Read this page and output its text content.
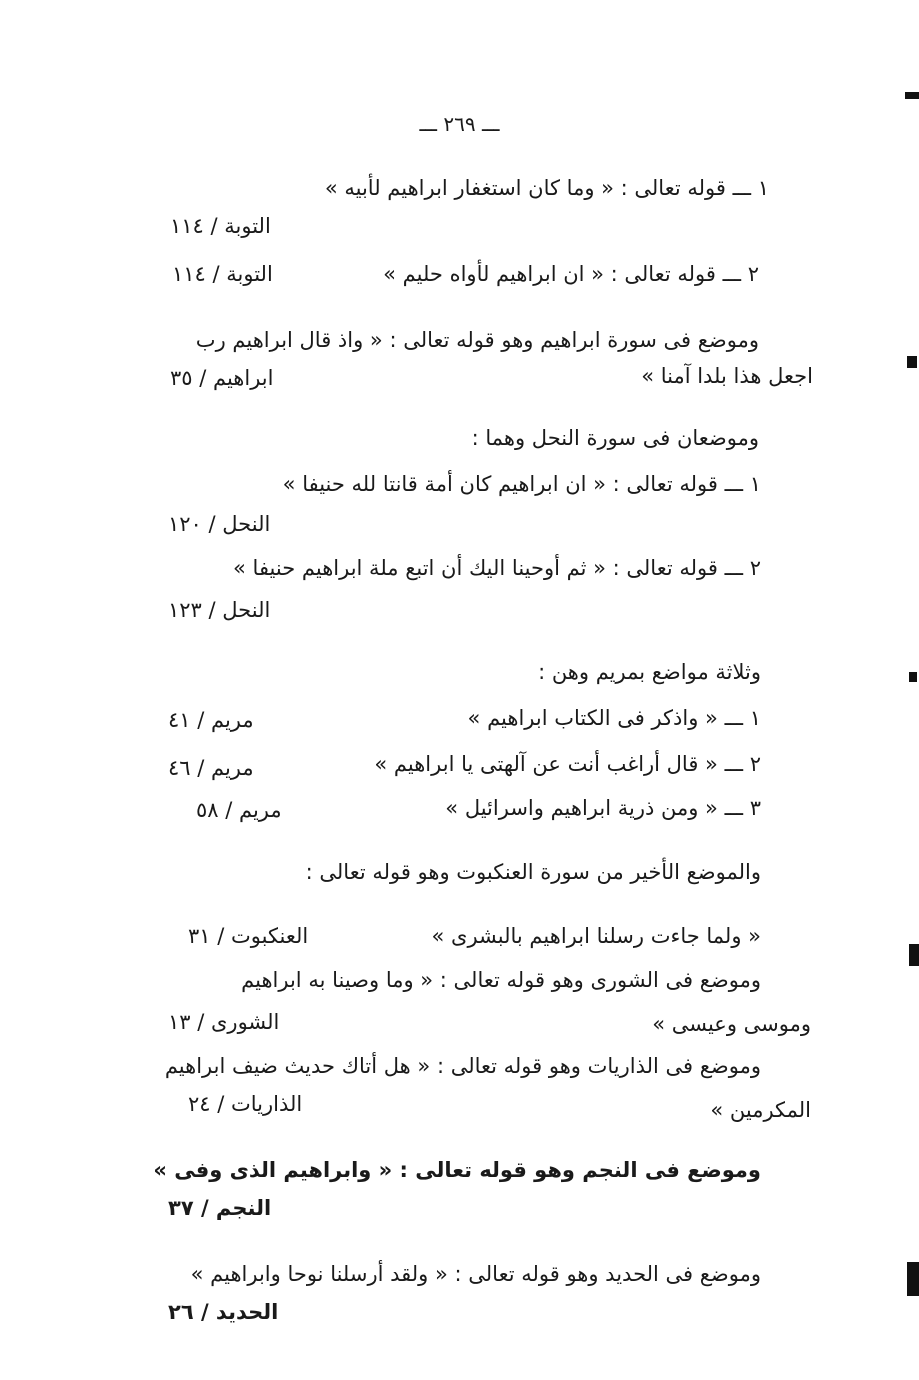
ـــ ٢٦٩ ـــ
١ ـــ قوله تعالى : « وما كان استغفار ابراهيم لأبيه »
التوبة / ١١٤
٢ ـــ قوله تعالى : « ان ابراهيم لأواه حليم »
التوبة / ١١٤
وموضع فى سورة ابراهيم وهو قوله تعالى : « واذ قال ابراهيم رب
اجعل هذا بلدا آمنا »
ابراهيم / ٣٥
وموضعان فى سورة النحل وهما :
١ ـــ قوله تعالى : « ان ابراهيم كان أمة قانتا لله حنيفا »
النحل / ١٢٠
٢ ـــ قوله تعالى : « ثم أوحينا اليك أن اتبع ملة ابراهيم حنيفا »
النحل / ١٢٣
وثلاثة مواضع بمريم وهن :
١ ـــ « واذكر فى الكتاب ابراهيم »
مريم / ٤١
٢ ـــ « قال أراغب أنت عن آلهتى يا ابراهيم »
مريم / ٤٦
٣ ـــ « ومن ذرية ابراهيم واسرائيل »
مريم / ٥٨
والموضع الأخير من سورة العنكبوت وهو قوله تعالى :
« ولما جاءت رسلنا ابراهيم بالبشرى »
العنكبوت / ٣١
وموضع فى الشورى وهو قوله تعالى : « وما وصينا به ابراهيم
وموسى وعيسى »
الشورى / ١٣
وموضع فى الذاريات وهو قوله تعالى : « هل أتاك حديث ضيف ابراهيم
المكرمين »
الذاريات / ٢٤
وموضع فى النجم وهو قوله تعالى : « وابراهيم الذى وفى »
النجم / ٣٧
وموضع فى الحديد وهو قوله تعالى : « ولقد أرسلنا نوحا وابراهيم »
الحديد / ٢٦
